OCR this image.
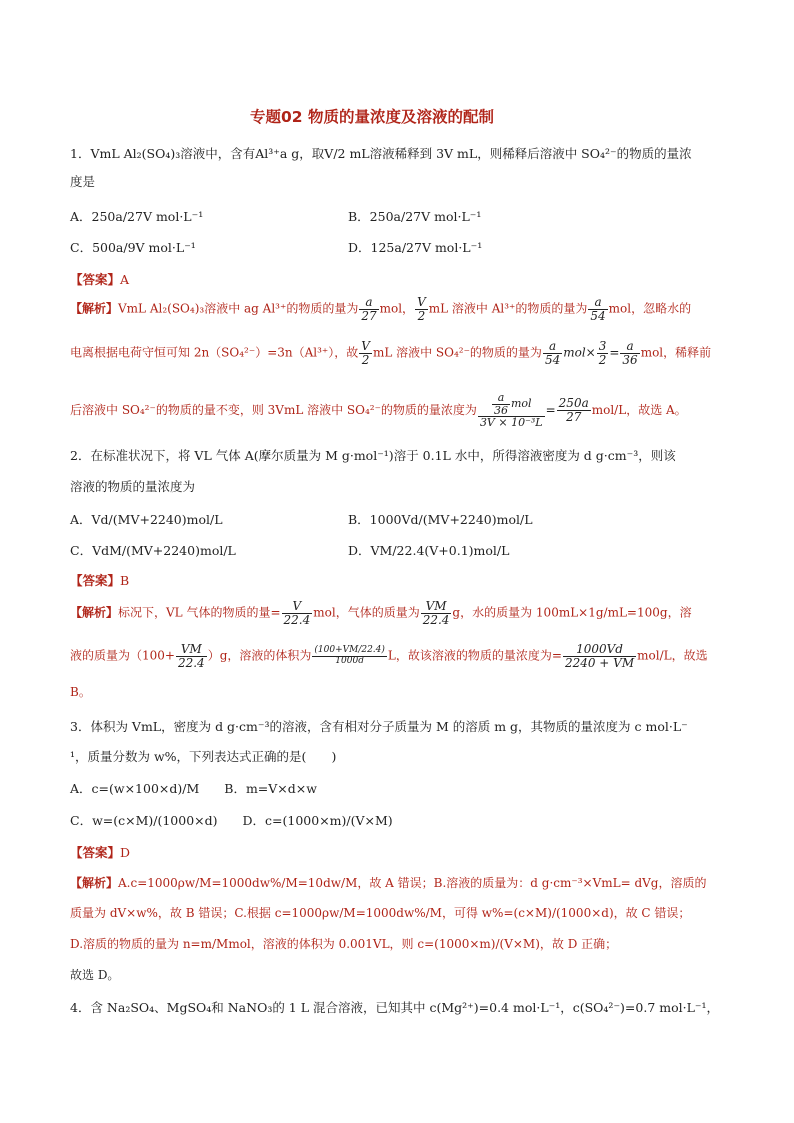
专题02 物质的量浓度及溶液的配制
1．VmL Al₂(SO₄)₃溶液中，含有Al³⁺a g，取V/2 mL溶液稀释到 3V mL，则稀释后溶液中 SO₄²⁻的物质的量浓
度是
A．250a/27V mol·L⁻¹	B．250a/27V mol·L⁻¹
C．500a/9V mol·L⁻¹	D．125a/27V mol·L⁻¹
【答案】A
【解析】VmL Al₂(SO₄)₃溶液中 ag Al³⁺的物质的量为 $\frac{a}{27}$ mol， $\frac{V}{2}$ mL 溶液中 Al³⁺的物质的量为 $\frac{a}{54}$ mol，忽略水的
电离根据电荷守恒可知 2n（SO₄²⁻）=3n（Al³⁺），故 $\frac{V}{2}$ mL 溶液中 SO₄²⁻的物质的量为 $\frac{a}{54} mol\times \frac{3}{2} = \frac{a}{36}$ mol，稀释前
后溶液中 SO₄²⁻的物质的量不变，则 3VmL 溶液中 SO₄²⁻的物质的量浓度为 $\frac{\frac{a}{36} mol}{\text{3V × 10⁻³L}} = \frac{250a}{27} mol/L$，故选 A。
2．在标准状况下，将 VL 气体 A(摩尔质量为 M g·mol⁻¹)溶于 0.1L 水中，所得溶液密度为 d g·cm⁻³，则该
溶液的物质的量浓度为
A．Vd/(MV+2240)mol/L	B．1000Vd/(MV+2240)mol/L
C．VdM/(MV+2240)mol/L	D．VM/22.4(V+0.1)mol/L
【答案】B
【解析】标况下，VL 气体的物质的量= $\frac{V}{22.4}$ mol，气体的质量为 $\frac{VM}{22.4}$ g，水的质量为 100mL×1g/mL=100g，溶
液的质量为$(100+ \frac{VM}{22.4} )g$，溶液的体积为 $\frac{(100+VM/22.4)}{1000d}$ L，故该溶液的物质的量浓度为= $\frac{1000Vd}{2240 + VM} mol/L$，故选
B。
3．体积为 VmL，密度为 d g·cm⁻³的溶液，含有相对分子质量为 M 的溶质 m g，其物质的量浓度为 c mol·L⁻
¹，质量分数为 w%，下列表达式正确的是(　　)
A．c=(w×100×d)/M　　B．m=V×d×w
C．w=(c×M)/(1000×d)　　D．c=(1000×m)/(V×M)
【答案】D
【解析】A.c=1000ρw/M=1000dw%/M=10dw/M，故 A 错误；B.溶液的质量为：d g·cm⁻³×VmL= dVg，溶质的
质量为 dV×w%，故 B 错误；C.根据 c=1000ρw/M=1000dw%/M，可得 w%=(c×M)/(1000×d)，故 C 错误；
D.溶质的物质的量为 n=m/Mmol，溶液的体积为 0.001VL，则 c=(1000×m)/(V×M)，故 D 正确；
故选 D。
4．含 Na₂SO₄、MgSO₄和 NaNO₃的 1 L 混合溶液，已知其中 c(Mg²⁺)=0.4 mol·L⁻¹，c(SO₄²⁻)=0.7 mol·L⁻¹，
